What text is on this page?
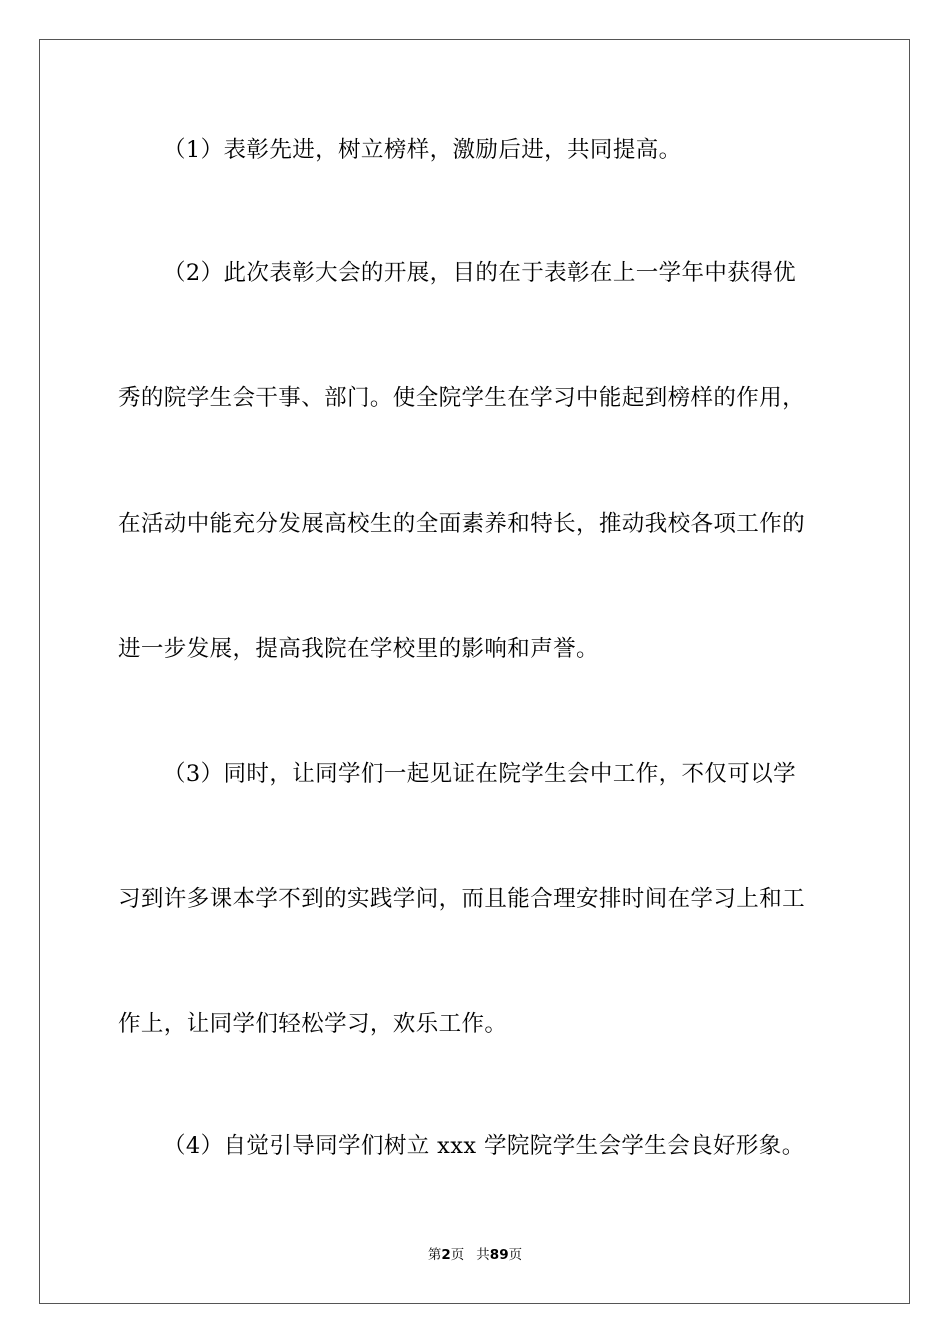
（1）表彰先进，树立榜样，激励后进，共同提高。
（2）此次表彰大会的开展，目的在于表彰在上一学年中获得优
秀的院学生会干事、部门。使全院学生在学习中能起到榜样的作用，
在活动中能充分发展高校生的全面素养和特长，推动我校各项工作的
进一步发展，提高我院在学校里的影响和声誉。
（3）同时，让同学们一起见证在院学生会中工作，不仅可以学
习到许多课本学不到的实践学问，而且能合理安排时间在学习上和工
作上，让同学们轻松学习，欢乐工作。
（4）自觉引导同学们树立 xxx 学院院学生会学生会良好形象。
第2页 共89页
